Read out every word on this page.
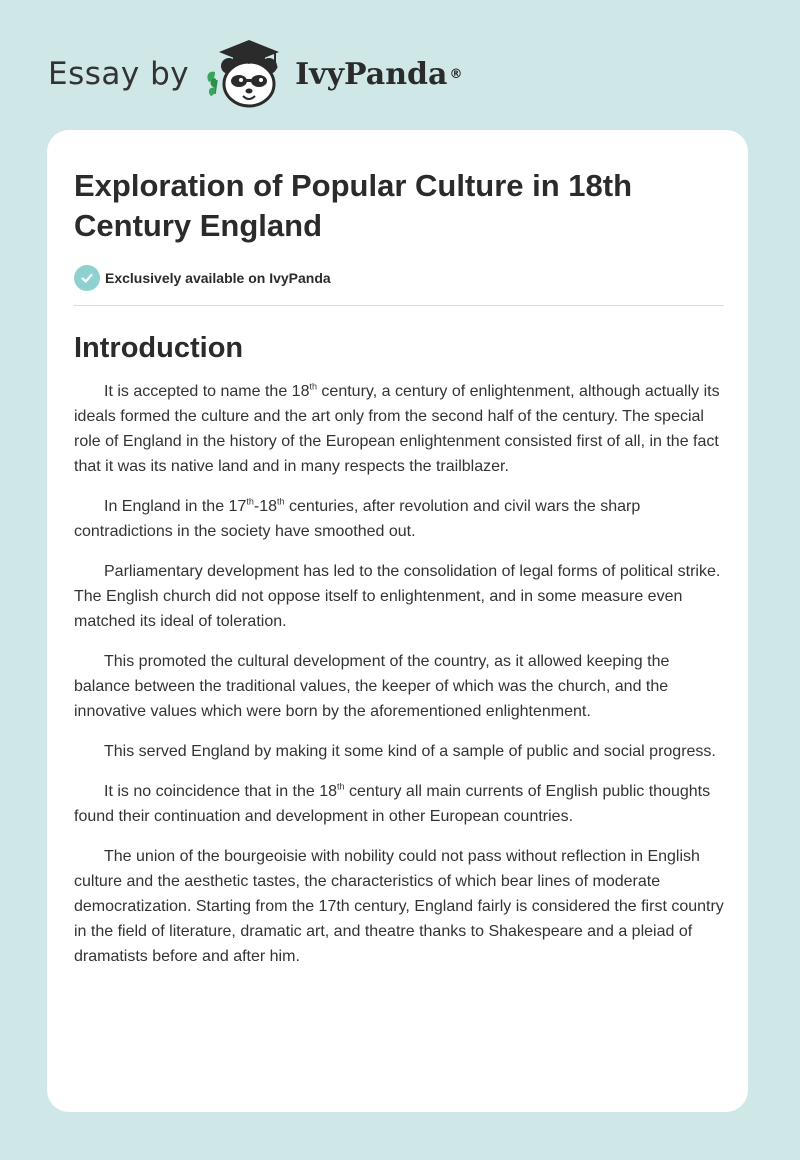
Essay by	IvyPanda ®
Exploration of Popular Culture in 18th Century England
Exclusively available on IvyPanda
Introduction

It is accepted to name the 18th century, a century of enlightenment, although actually its ideals formed the culture and the art only from the second half of the century. The special role of England in the history of the European enlightenment consisted first of all, in the fact that it was its native land and in many respects the trailblazer.

In England in the 17th-18th centuries, after revolution and civil wars the sharp contradictions in the society have smoothed out.

Parliamentary development has led to the consolidation of legal forms of political strike. The English church did not oppose itself to enlightenment, and in some measure even matched its ideal of toleration.

This promoted the cultural development of the country, as it allowed keeping the balance between the traditional values, the keeper of which was the church, and the innovative values which were born by the aforementioned enlightenment.

This served England by making it some kind of a sample of public and social progress.

It is no coincidence that in the 18th century all main currents of English public thoughts found their continuation and development in other European countries.

The union of the bourgeoisie with nobility could not pass without reflection in English culture and the aesthetic tastes, the characteristics of which bear lines of moderate democratization. Starting from the 17th century, England fairly is considered the first country in the field of literature, dramatic art, and theatre thanks to Shakespeare and a pleiad of dramatists before and after him.
